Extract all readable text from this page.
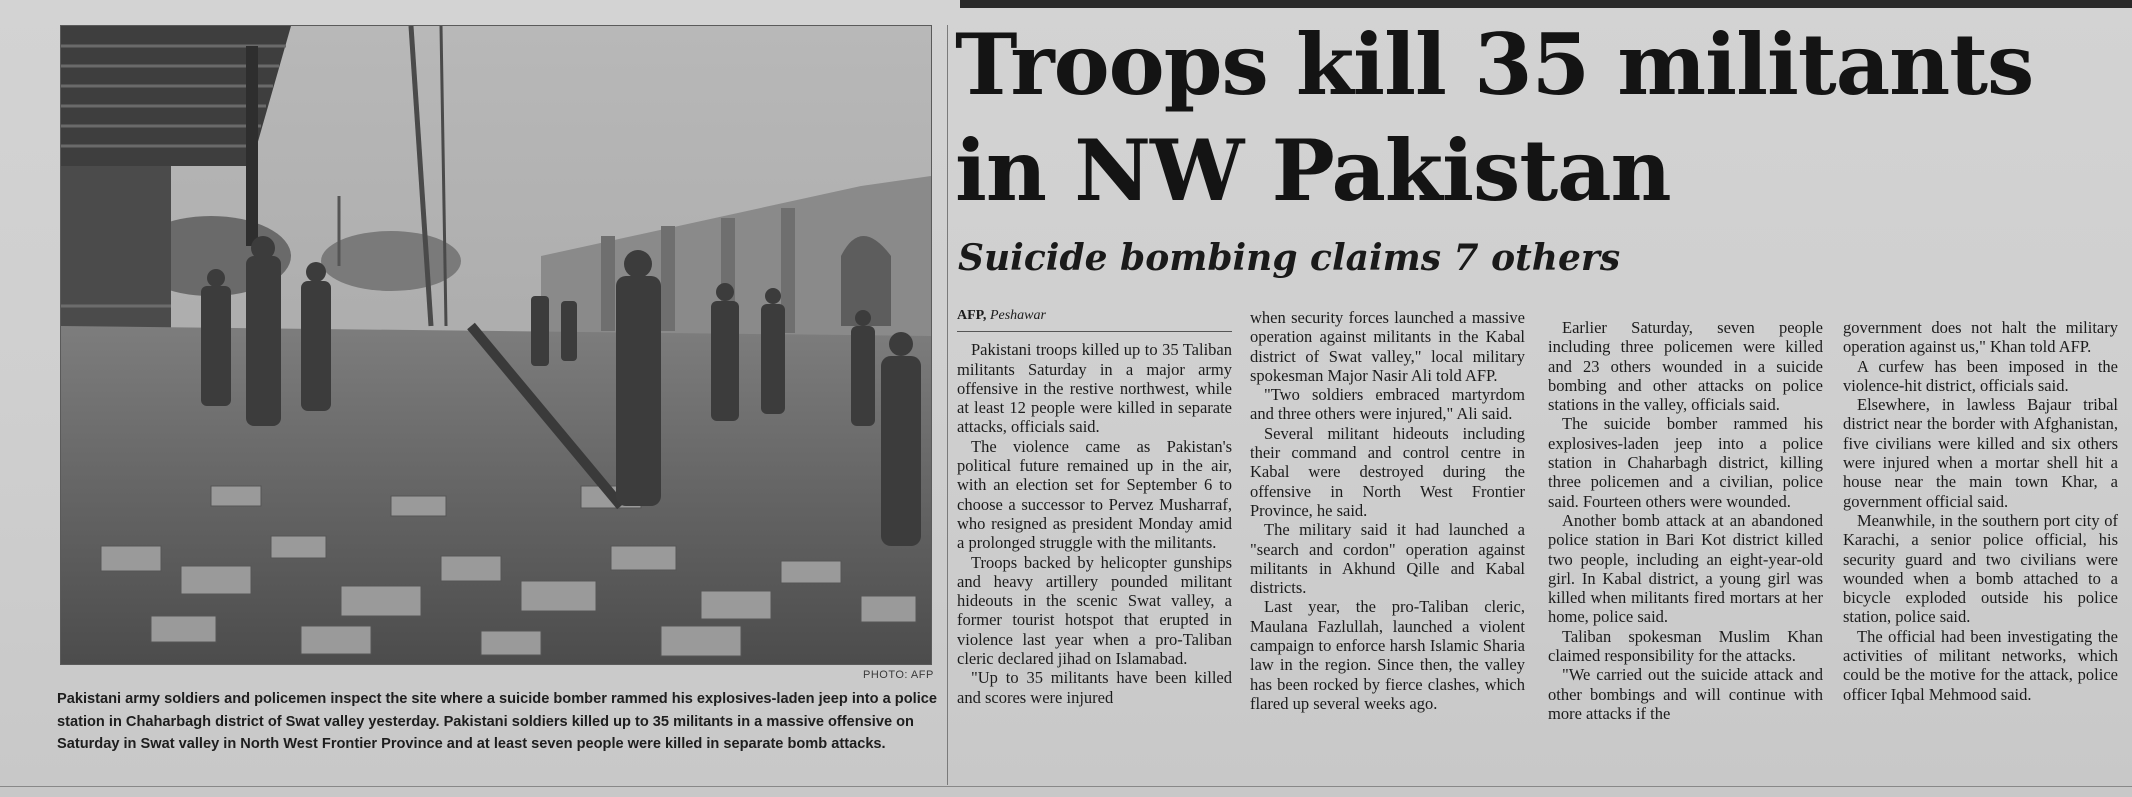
PHOTO: AFP
Pakistani army soldiers and policemen inspect the site where a suicide bomber rammed his explosives-laden jeep into a police station in Chaharbagh district of Swat valley yesterday. Pakistani soldiers killed up to 35 militants in a massive offensive on Saturday in Swat valley in North West Frontier Province and at least seven people were killed in separate bomb attacks.
Troops kill 35 militants
in NW Pakistan
Suicide bombing claims 7 others
AFP, Peshawar

Pakistani troops killed up to 35 Taliban militants Saturday in a major army offensive in the restive northwest, while at least 12 people were killed in separate attacks, officials said.

The violence came as Pakistan's political future remained up in the air, with an election set for September 6 to choose a successor to Pervez Musharraf, who resigned as president Monday amid a prolonged struggle with the militants.

Troops backed by helicopter gunships and heavy artillery pounded militant hideouts in the scenic Swat valley, a former tourist hotspot that erupted in violence last year when a pro-Taliban cleric declared jihad on Islamabad.

"Up to 35 militants have been killed and scores were injured

when security forces launched a massive operation against militants in the Kabal district of Swat valley," local military spokesman Major Nasir Ali told AFP.

"Two soldiers embraced martyrdom and three others were injured," Ali said.

Several militant hideouts including their command and control centre in Kabal were destroyed during the offensive in North West Frontier Province, he said.

The military said it had launched a "search and cordon" operation against militants in Akhund Qille and Kabal districts.

Last year, the pro-Taliban cleric, Maulana Fazlullah, launched a violent campaign to enforce harsh Islamic Sharia law in the region. Since then, the valley has been rocked by fierce clashes, which flared up several weeks ago.

Earlier Saturday, seven people including three policemen were killed and 23 others wounded in a suicide bombing and other attacks on police stations in the valley, officials said.

The suicide bomber rammed his explosives-laden jeep into a police station in Chaharbagh district, killing three policemen and a civilian, police said. Fourteen others were wounded.

Another bomb attack at an abandoned police station in Bari Kot district killed two people, including an eight-year-old girl. In Kabal district, a young girl was killed when militants fired mortars at her home, police said.

Taliban spokesman Muslim Khan claimed responsibility for the attacks.

"We carried out the suicide attack and other bombings and will continue with more attacks if the

government does not halt the military operation against us," Khan told AFP.

A curfew has been imposed in the violence-hit district, officials said.

Elsewhere, in lawless Bajaur tribal district near the border with Afghanistan, five civilians were killed and six others were injured when a mortar shell hit a house near the main town Khar, a government official said.

Meanwhile, in the southern port city of Karachi, a senior police official, his security guard and two civilians were wounded when a bomb attached to a bicycle exploded outside his police station, police said.

The official had been investigating the activities of militant networks, which could be the motive for the attack, police officer Iqbal Mehmood said.
